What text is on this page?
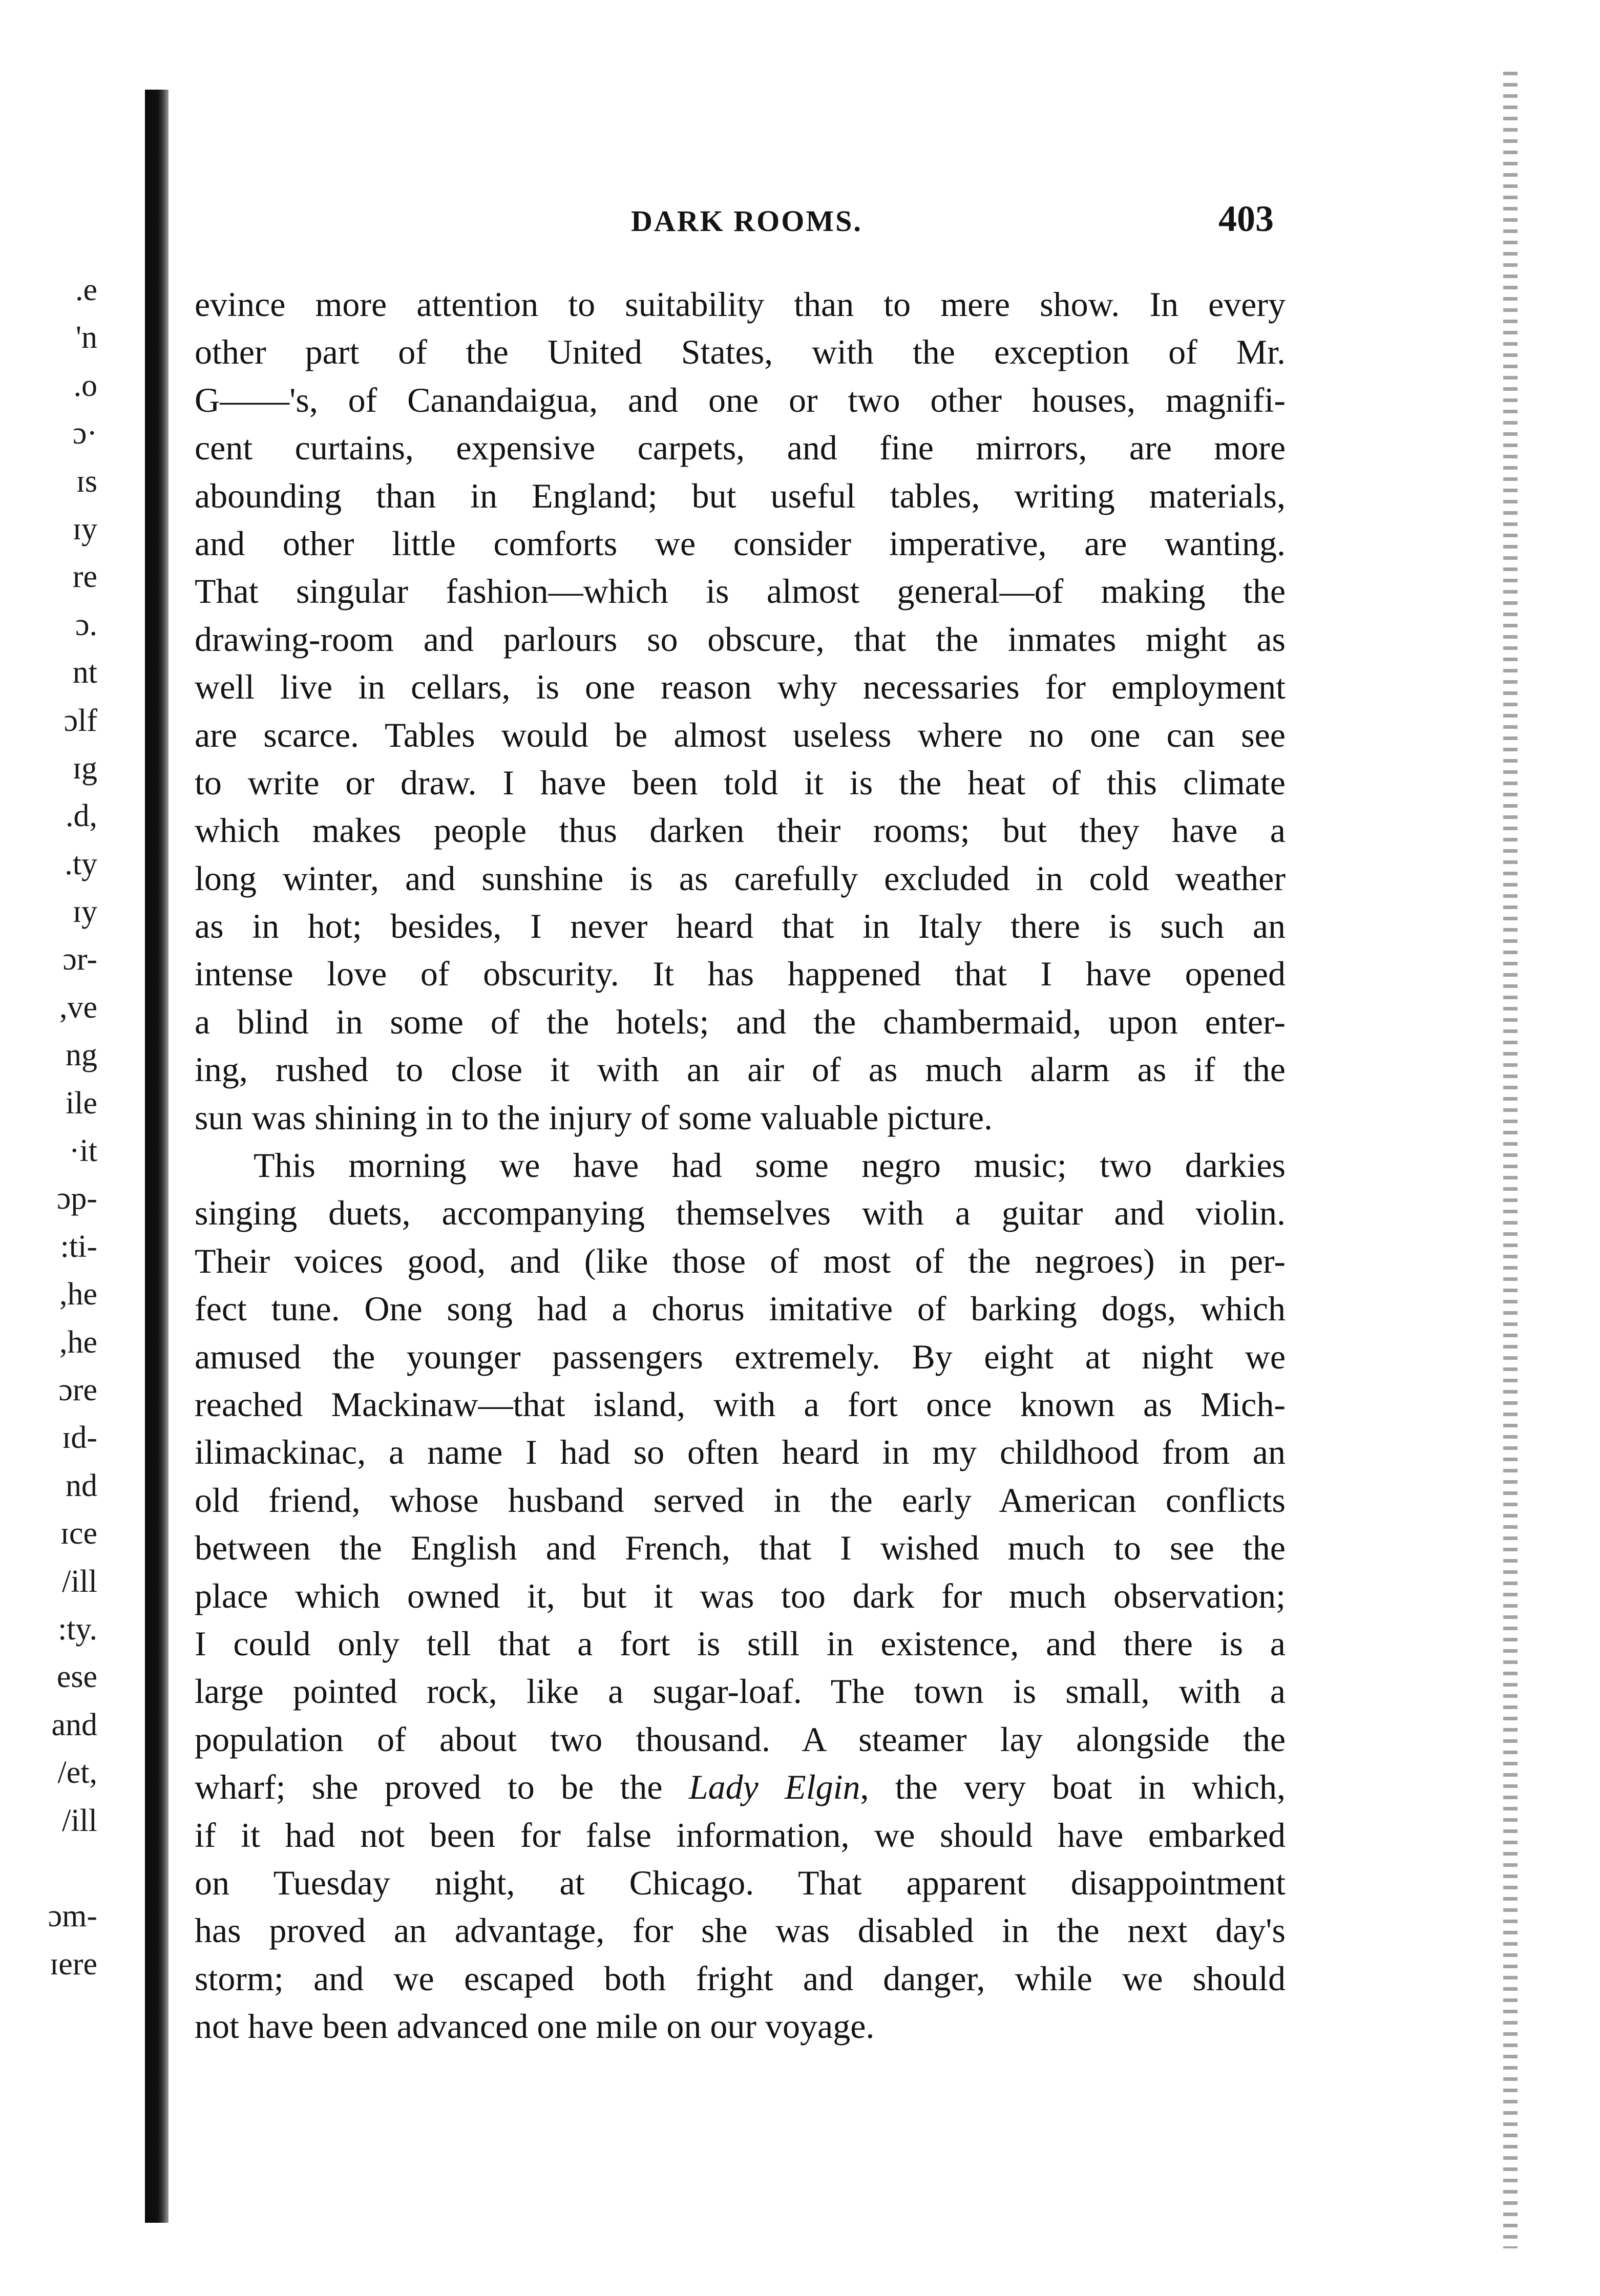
.e
'n
.o
ɔ·
ɪs
ɪy
re
ɔ.
nt
ɔlf
ɪg
.d,
.ty
ɪy
ɔr-
,ve
ng
ile
·it
ɔp-
:ti-
,he
,he
ɔre
ɪd-
nd
ɪce
/ill
:ty.
ese
and
/et,
/ill
ɔm-
ɪere
DARK ROOMS.	403
evince more attention to suitability than to mere show. In every
other part of the United States, with the exception of Mr.
G——'s, of Canandaigua, and one or two other houses, magnifi-
cent curtains, expensive carpets, and fine mirrors, are more
abounding than in England; but useful tables, writing materials,
and other little comforts we consider imperative, are wanting.
That singular fashion—which is almost general—of making the
drawing-room and parlours so obscure, that the inmates might as
well live in cellars, is one reason why necessaries for employment
are scarce. Tables would be almost useless where no one can see
to write or draw. I have been told it is the heat of this climate
which makes people thus darken their rooms; but they have a
long winter, and sunshine is as carefully excluded in cold weather
as in hot; besides, I never heard that in Italy there is such an
intense love of obscurity. It has happened that I have opened
a blind in some of the hotels; and the chambermaid, upon enter-
ing, rushed to close it with an air of as much alarm as if the
sun was shining in to the injury of some valuable picture.
This morning we have had some negro music; two darkies
singing duets, accompanying themselves with a guitar and violin.
Their voices good, and (like those of most of the negroes) in per-
fect tune. One song had a chorus imitative of barking dogs, which
amused the younger passengers extremely. By eight at night we
reached Mackinaw—that island, with a fort once known as Mich-
ilimackinac, a name I had so often heard in my childhood from an
old friend, whose husband served in the early American conflicts
between the English and French, that I wished much to see the
place which owned it, but it was too dark for much observation;
I could only tell that a fort is still in existence, and there is a
large pointed rock, like a sugar-loaf. The town is small, with a
population of about two thousand. A steamer lay alongside the
wharf; she proved to be the Lady Elgin, the very boat in which,
if it had not been for false information, we should have embarked
on Tuesday night, at Chicago. That apparent disappointment
has proved an advantage, for she was disabled in the next day's
storm; and we escaped both fright and danger, while we should
not have been advanced one mile on our voyage.
